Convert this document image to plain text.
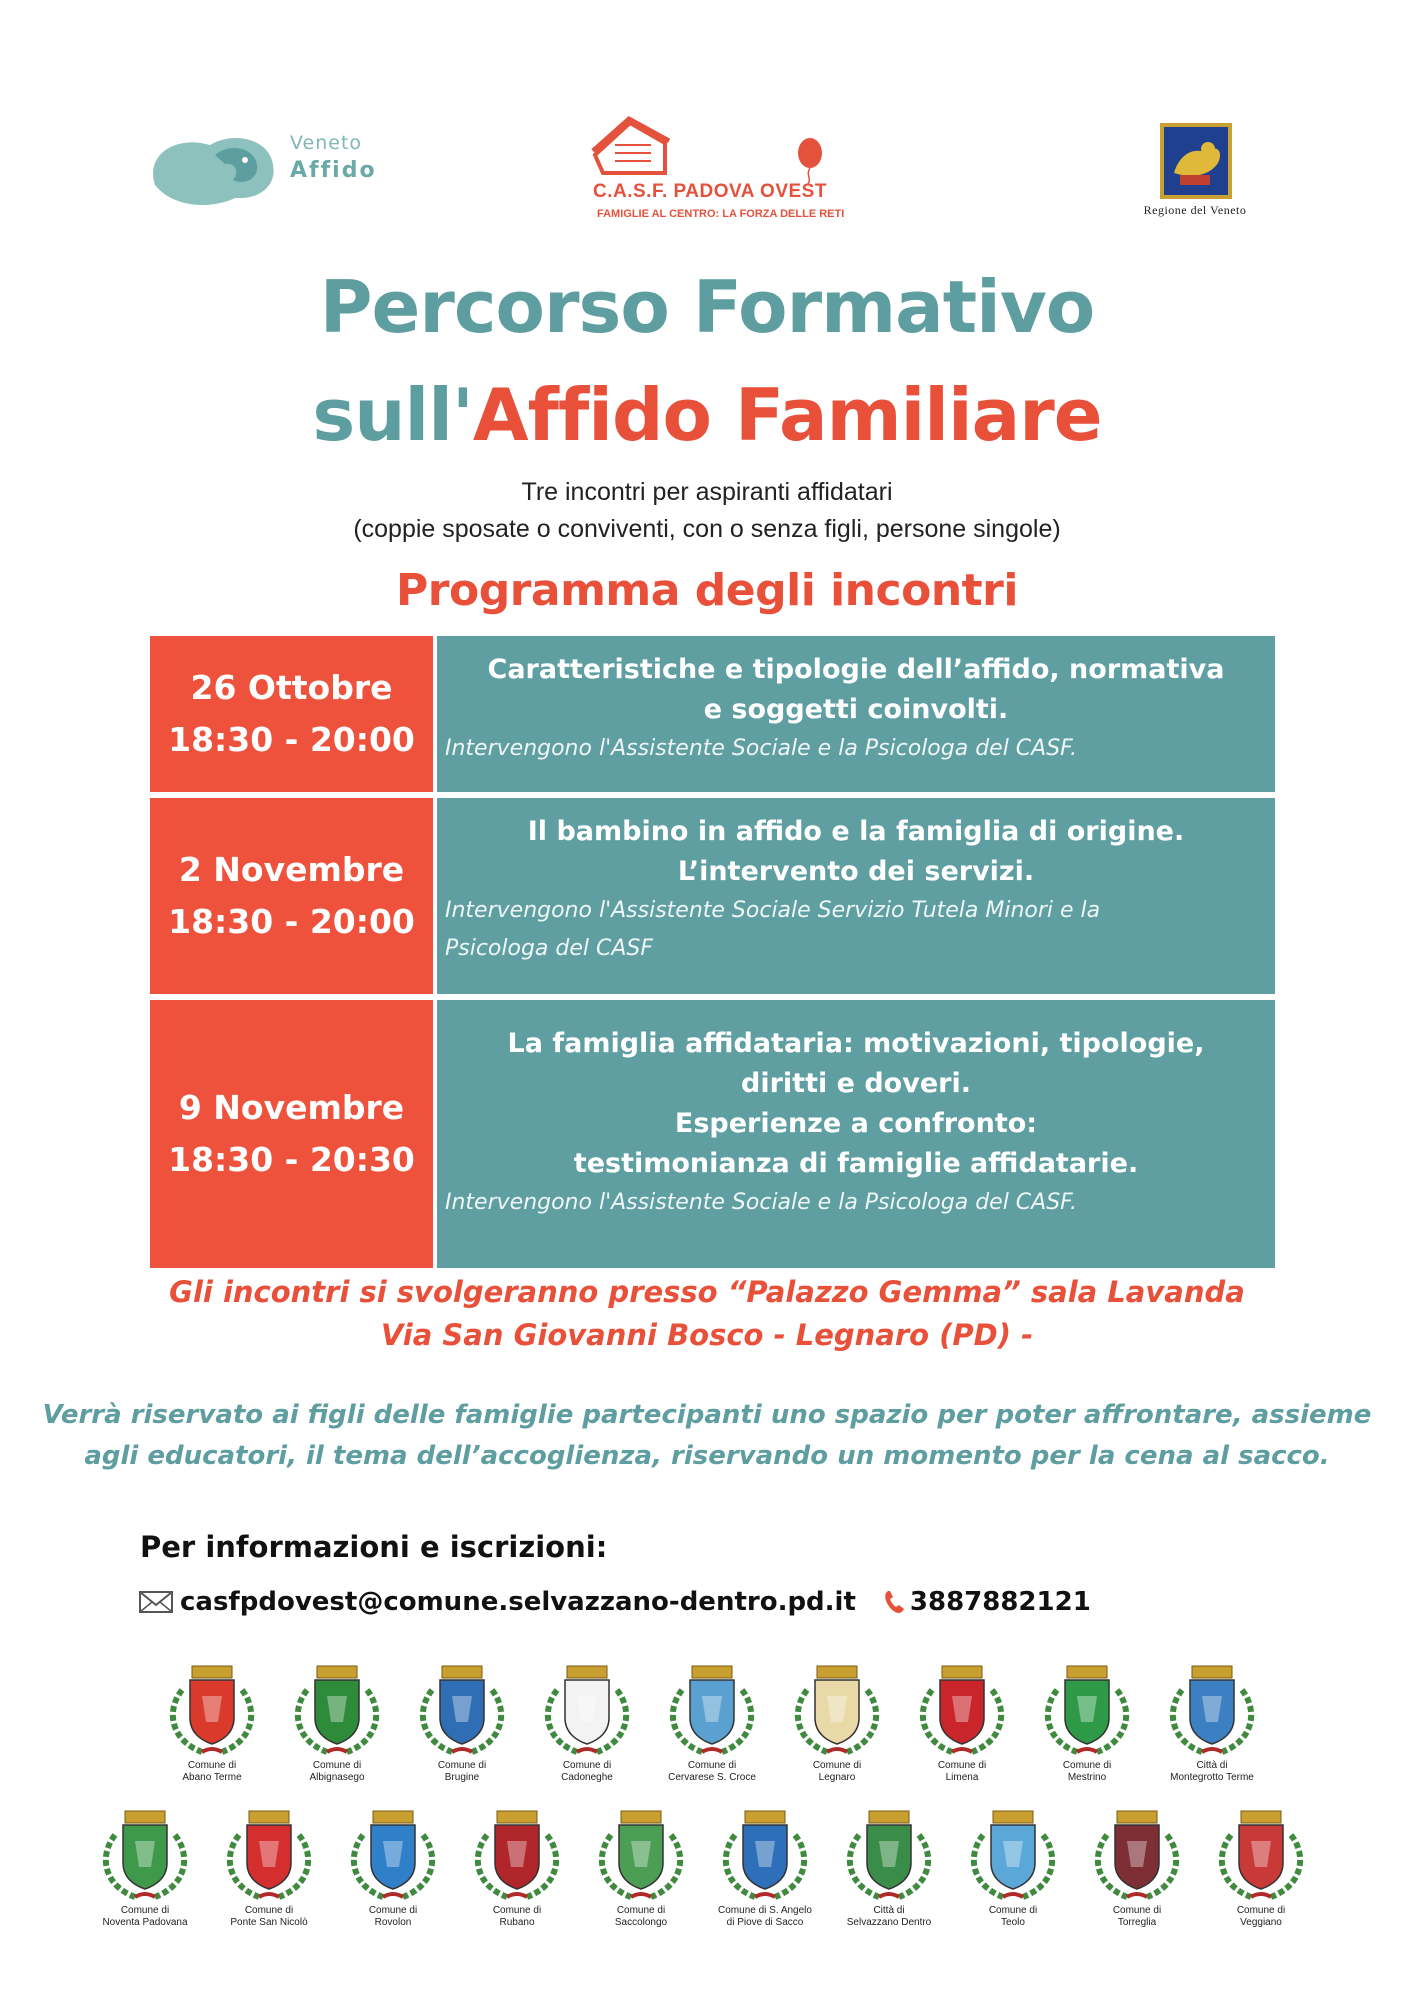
Veneto
Affido
C.A.S.F. PADOVA OVEST
FAMIGLIE AL CENTRO: LA FORZA DELLE RETI	Regione del Veneto
Percorso Formativo
sull'Affido Familiare
Tre incontri per aspiranti affidatari
(coppie sposate o conviventi, con o senza figli, persone singole)
Programma degli incontri
26 Ottobre
18:30 - 20:00
Caratteristiche e tipologie dell’affido, normativa
e soggetti coinvolti.
Intervengono l'Assistente Sociale e la Psicologa del CASF.
2 Novembre
18:30 - 20:00
Il bambino in affido e la famiglia di origine.
L’intervento dei servizi.
Intervengono l'Assistente Sociale Servizio Tutela Minori e la
Psicologa del CASF
9 Novembre
18:30 - 20:30
La famiglia affidataria: motivazioni, tipologie,
diritti e doveri.
Esperienze a confronto:
testimonianza di famiglie affidatarie.
Intervengono l'Assistente Sociale e la Psicologa del CASF.
Gli incontri si svolgeranno presso “Palazzo Gemma” sala Lavanda
Via San Giovanni Bosco - Legnaro (PD) -
Verrà riservato ai figli delle famiglie partecipanti uno spazio per poter affrontare, assieme
agli educatori, il tema dell’accoglienza, riservando un momento per la cena al sacco.
Per informazioni e iscrizioni:
casfpdovest@comune.selvazzano-dentro.pd.it 3887882121
Comune di
Abano Terme
Comune di
Albignasego
Comune di
Brugine
Comune di
Cadoneghe
Comune di
Cervarese S. Croce
Comune di
Legnaro
Comune di
Limena
Comune di
Mestrino
Città di
Montegrotto Terme
Comune di
Noventa Padovana
Comune di
Ponte San Nicolò
Comune di
Rovolon
Comune di
Rubano
Comune di
Saccolongo
Comune di S. Angelo
di Piove di Sacco
Città di
Selvazzano Dentro
Comune di
Teolo
Comune di
Torreglia
Comune di
Veggiano
